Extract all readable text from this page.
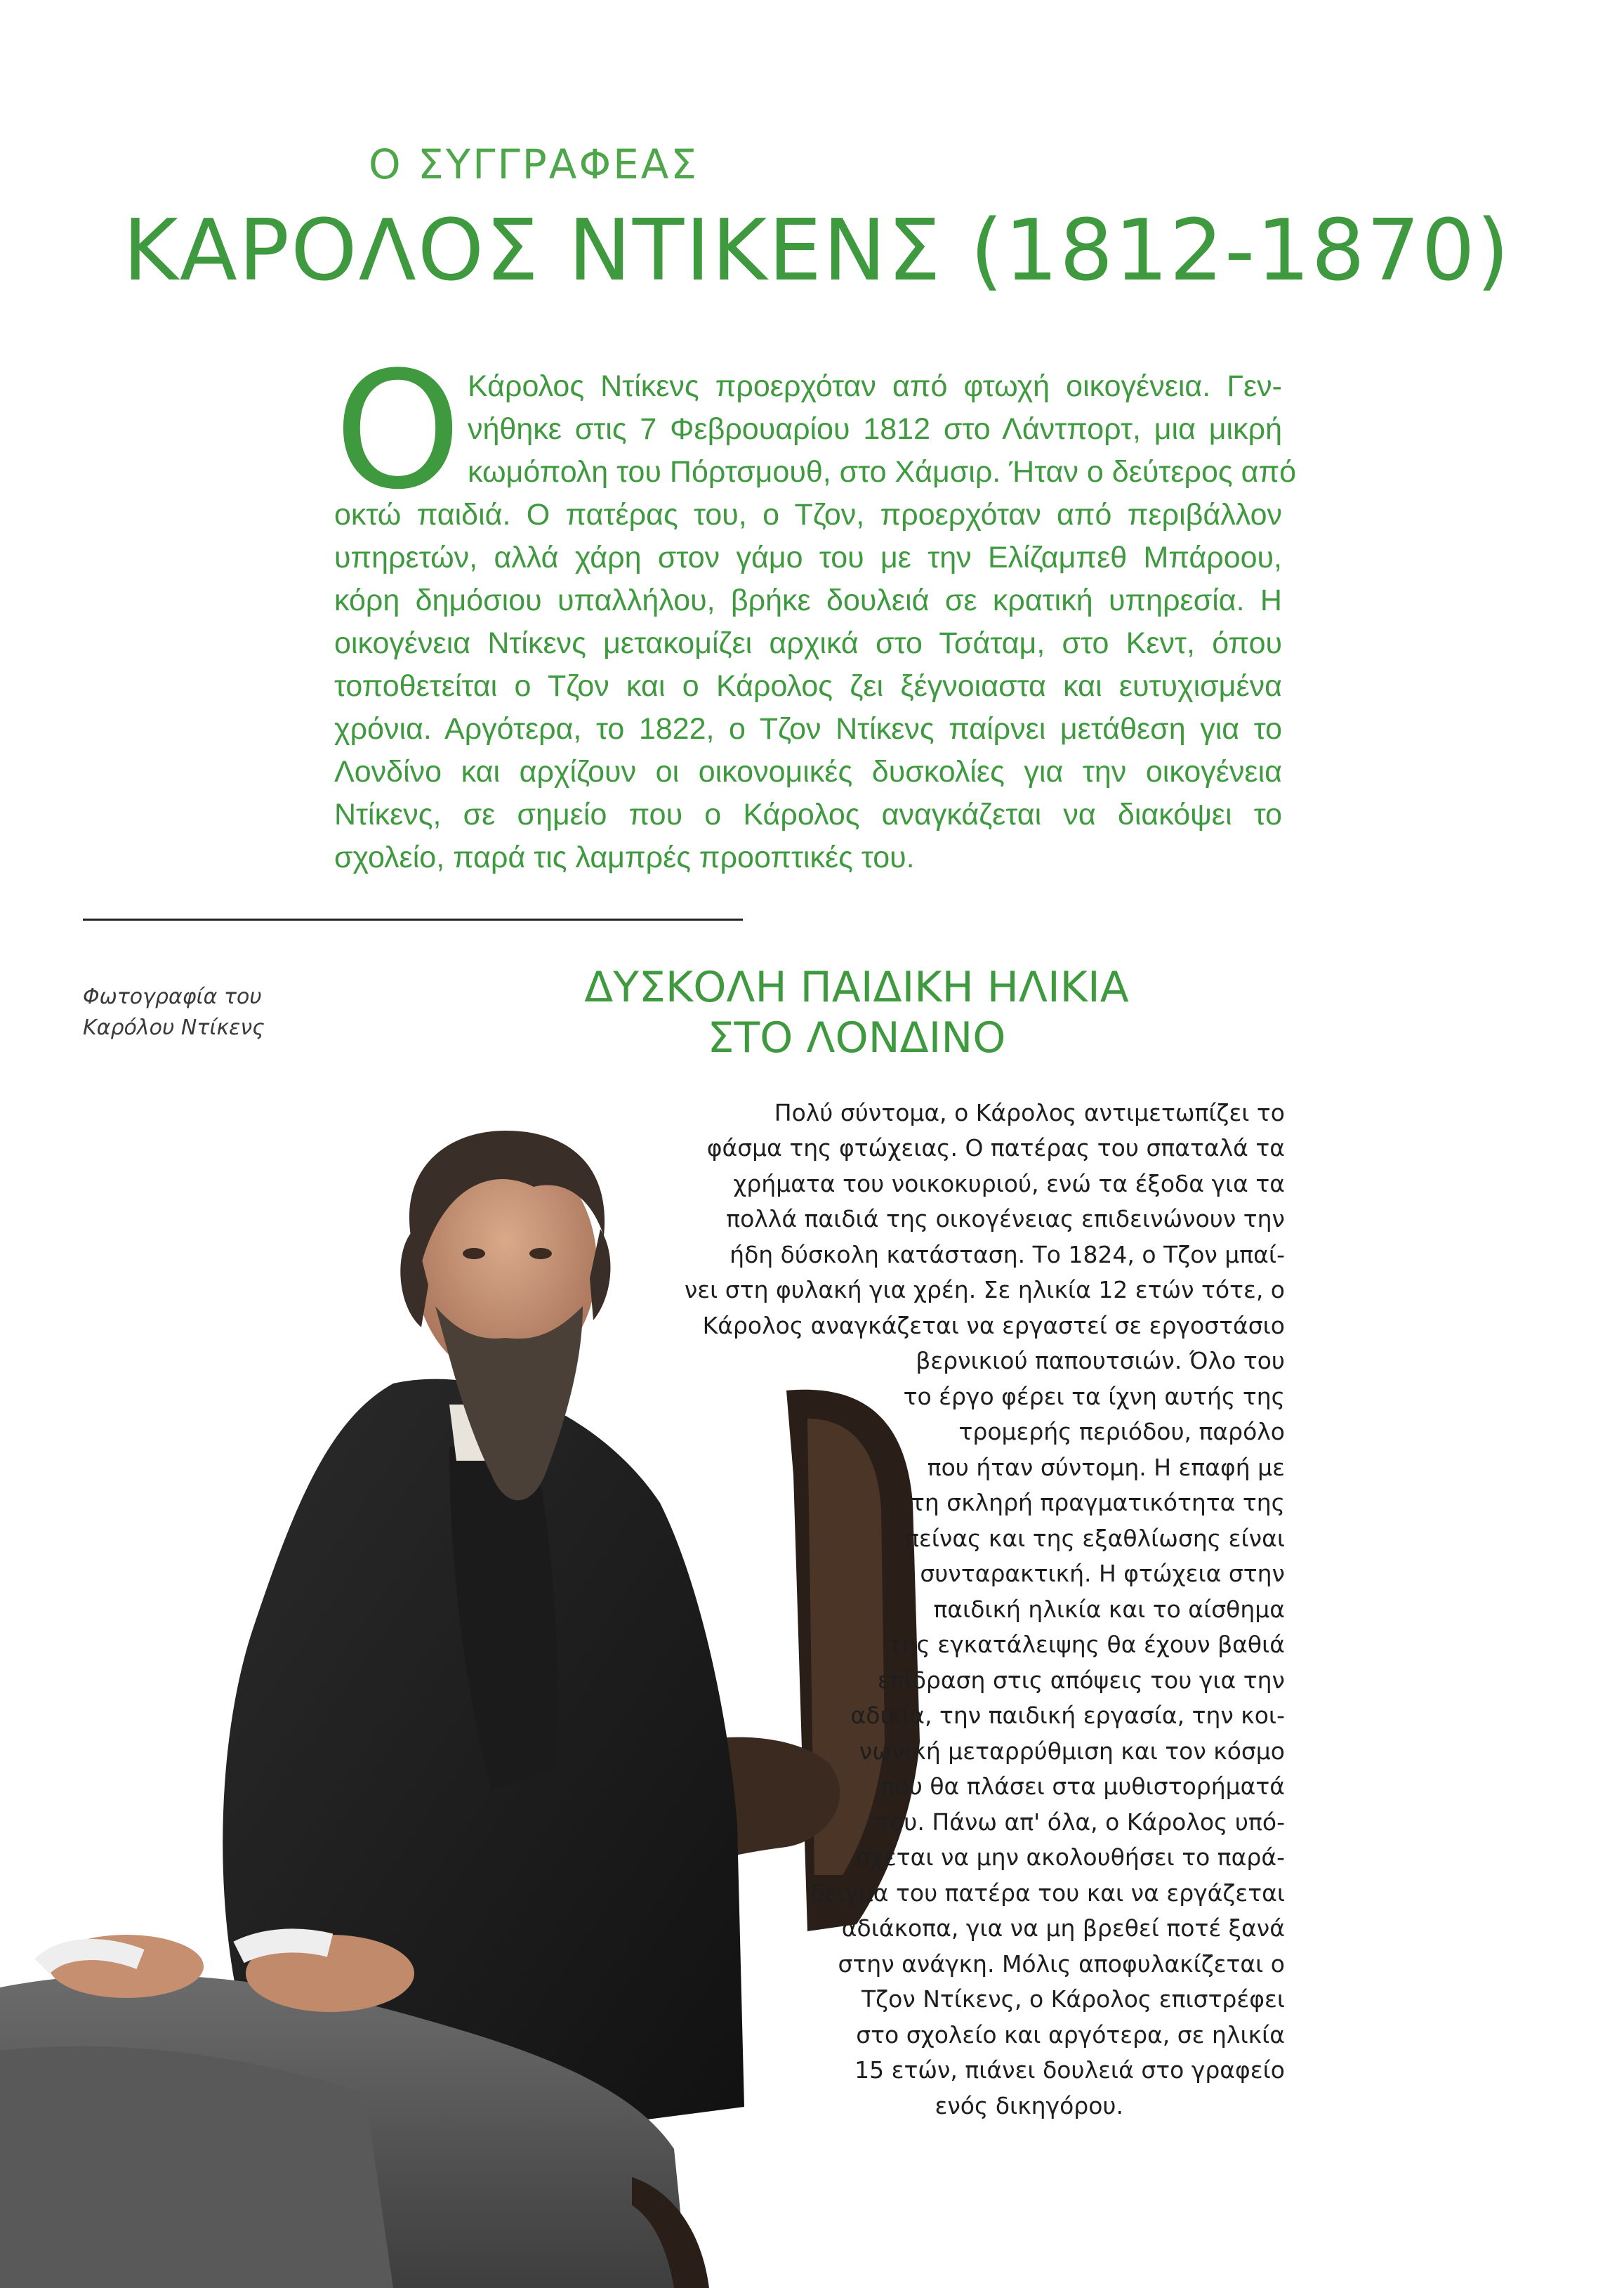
Ο ΣΥΓΓΡΑΦΕΑΣ
ΚΑΡΟΛΟΣ ΝΤΙΚΕΝΣ (1812-1870)
Ο Κάρολος Ντίκενς προερχόταν από φτωχή οικογένεια. Γεν-
νήθηκε στις 7 Φεβρουαρίου 1812 στο Λάντπορτ, μια μικρή
κωμόπολη του Πόρτσμουθ, στο Χάμσιρ. Ήταν ο δεύτερος από
οκτώ παιδιά. Ο πατέρας του, ο Τζον, προερχόταν από περιβάλλον
υπηρετών, αλλά χάρη στον γάμο του με την Ελίζαμπεθ Μπάροου,
κόρη δημόσιου υπαλλήλου, βρήκε δουλειά σε κρατική υπηρεσία. Η
οικογένεια Ντίκενς μετακομίζει αρχικά στο Τσάταμ, στο Κεντ, όπου
τοποθετείται ο Τζον και ο Κάρολος ζει ξέγνοιαστα και ευτυχισμένα
χρόνια. Αργότερα, το 1822, ο Τζον Ντίκενς παίρνει μετάθεση για το
Λονδίνο και αρχίζουν οι οικονομικές δυσκολίες για την οικογένεια
Ντίκενς, σε σημείο που ο Κάρολος αναγκάζεται να διακόψει το
σχολείο, παρά τις λαμπρές προοπτικές του.
Φωτογραφία του
Καρόλου Ντίκενς
ΔΥΣΚΟΛΗ ΠΑΙΔΙΚΗ ΗΛΙΚΙΑ
ΣΤΟ ΛΟΝΔΙΝΟ
Πολύ σύντομα, ο Κάρολος αντιμετωπίζει το
φάσμα της φτώχειας. Ο πατέρας του σπαταλά τα
χρήματα του νοικοκυριού, ενώ τα έξοδα για τα
πολλά παιδιά της οικογένειας επιδεινώνουν την
ήδη δύσκολη κατάσταση. Το 1824, ο Τζον μπαί-
νει στη φυλακή για χρέη. Σε ηλικία 12 ετών τότε, ο
Κάρολος αναγκάζεται να εργαστεί σε εργοστάσιο
βερνικιού παπουτσιών. Όλο του
το έργο φέρει τα ίχνη αυτής της
τρομερής περιόδου, παρόλο
που ήταν σύντομη. Η επαφή με
τη σκληρή πραγματικότητα της
πείνας και της εξαθλίωσης είναι
συνταρακτική. Η φτώχεια στην
παιδική ηλικία και το αίσθημα
της εγκατάλειψης θα έχουν βαθιά
επίδραση στις απόψεις του για την
αδικία, την παιδική εργασία, την κοι-
νωνική μεταρρύθμιση και τον κόσμο
που θα πλάσει στα μυθιστορήματά
του. Πάνω απ' όλα, ο Κάρολος υπό-
σχεται να μην ακολουθήσει το παρά-
δειγμα του πατέρα του και να εργάζεται
αδιάκοπα, για να μη βρεθεί ποτέ ξανά
στην ανάγκη. Μόλις αποφυλακίζεται ο
Τζον Ντίκενς, ο Κάρολος επιστρέφει
στο σχολείο και αργότερα, σε ηλικία
15 ετών, πιάνει δουλειά στο γραφείο
ενός δικηγόρου.
